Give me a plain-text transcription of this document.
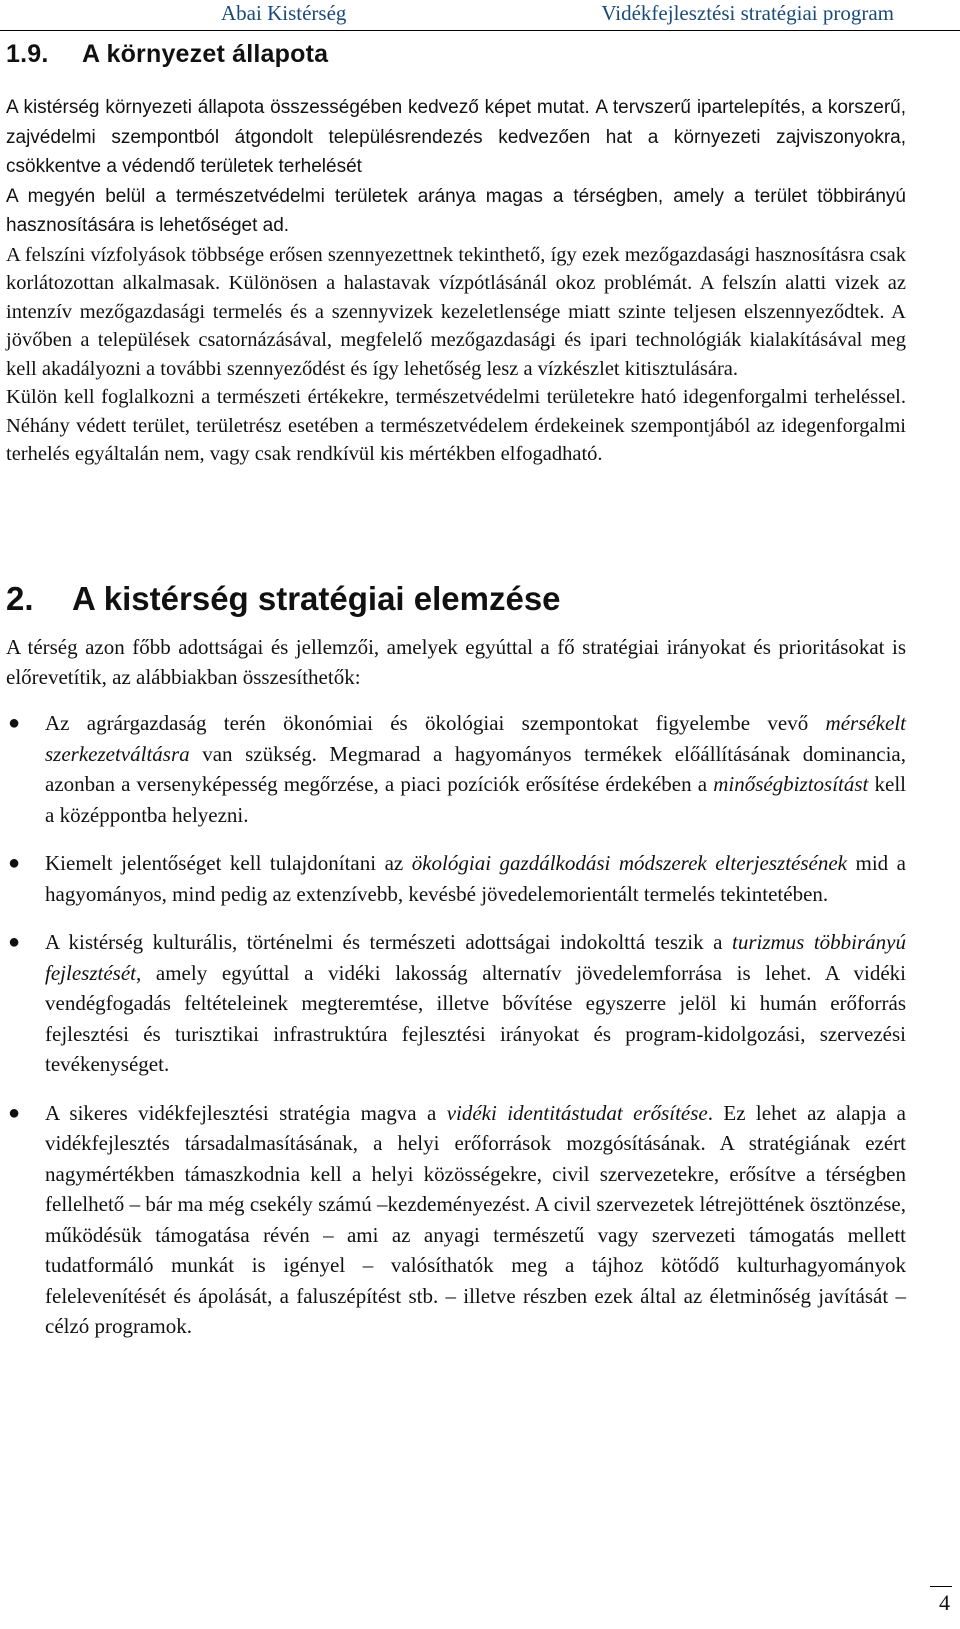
Abai Kistérség	Vidékfejlesztési stratégiai program
1.9. A környezet állapota
A kistérség környezeti állapota összességében kedvező képet mutat. A tervszerű ipartelepítés, a korszerű, zajvédelmi szempontból átgondolt településrendezés kedvezően hat a környezeti zajviszonyokra, csökkentve a védendő területek terhelését
A megyén belül a természetvédelmi területek aránya magas a térségben, amely a terület többirányú hasznosítására is lehetőséget ad.
A felszíni vízfolyások többsége erősen szennyezettnek tekinthető, így ezek mezőgazdasági hasznosításra csak korlátozottan alkalmasak. Különösen a halastavak vízpótlásánál okoz problémát. A felszín alatti vizek az intenzív mezőgazdasági termelés és a szennyvizek kezeletlensége miatt szinte teljesen elszennyeződtek. A jövőben a települések csatornázásával, megfelelő mezőgazdasági és ipari technológiák kialakításával meg kell akadályozni a további szennyeződést és így lehetőség lesz a vízkészlet kitisztulására.
Külön kell foglalkozni a természeti értékekre, természetvédelmi területekre ható idegenforgalmi terheléssel. Néhány védett terület, területrész esetében a természetvédelem érdekeinek szempontjából az idegenforgalmi terhelés egyáltalán nem, vagy csak rendkívül kis mértékben elfogadható.
2. A kistérség stratégiai elemzése

A térség azon főbb adottságai és jellemzői, amelyek egyúttal a fő stratégiai irányokat és prioritásokat is előrevetítik, az alábbiakban összesíthetők:

● Az agrárgazdaság terén ökonómiai és ökológiai szempontokat figyelembe vevő mérsékelt szerkezetváltásra van szükség. Megmarad a hagyományos termékek előállításának dominancia, azonban a versenyképesség megőrzése, a piaci pozíciók erősítése érdekében a minőségbiztosítást kell a középpontba helyezni.
● Kiemelt jelentőséget kell tulajdonítani az ökológiai gazdálkodási módszerek elterjesztésének mid a hagyományos, mind pedig az extenzívebb, kevésbé jövedelemorientált termelés tekintetében.
● A kistérség kulturális, történelmi és természeti adottságai indokolttá teszik a turizmus többirányú fejlesztését, amely egyúttal a vidéki lakosság alternatív jövedelemforrása is lehet. A vidéki vendégfogadás feltételeinek megteremtése, illetve bővítése egyszerre jelöl ki humán erőforrás fejlesztési és turisztikai infrastruktúra fejlesztési irányokat és program-kidolgozási, szervezési tevékenységet.
● A sikeres vidékfejlesztési stratégia magva a vidéki identitástudat erősítése. Ez lehet az alapja a vidékfejlesztés társadalmasításának, a helyi erőforrások mozgósításának. A stratégiának ezért nagymértékben támaszkodnia kell a helyi közösségekre, civil szervezetekre, erősítve a térségben fellelhető – bár ma még csekély számú –kezdeményezést. A civil szervezetek létrejöttének ösztönzése, működésük támogatása révén – ami az anyagi természetű vagy szervezeti támogatás mellett tudatformáló munkát is igényel – valósíthatók meg a tájhoz kötődő kulturhagyományok felelevenítését és ápolását, a faluszépítést stb. – illetve részben ezek által az életminőség javítását – célzó programok.
4
